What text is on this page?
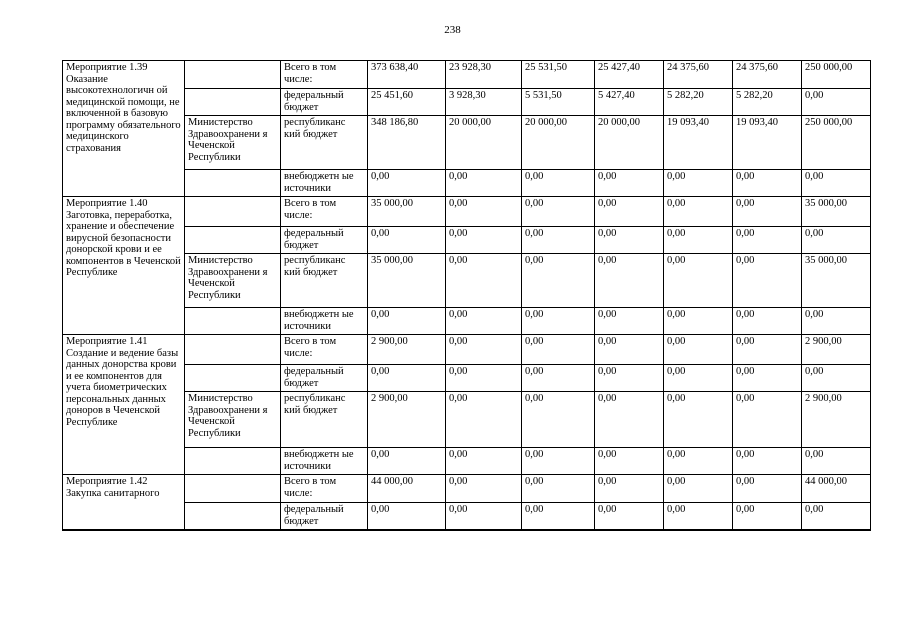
238
Мероприятие 1.39 Оказание высокотехнологичн ой медицинской помощи, не включенной в базовую программу обязательного медицинского страхования		Всего в том числе:	373 638,40	23 928,30	25 531,50	25 427,40	24 375,60	24 375,60	250 000,00
		федеральный бюджет	25 451,60	3 928,30	5 531,50	5 427,40	5 282,20	5 282,20	0,00
	Министерство Здравоохранени я Чеченской Республики	республиканс кий бюджет	348 186,80	20 000,00	20 000,00	20 000,00	19 093,40	19 093,40	250 000,00
		внебюджетн ые источники	0,00	0,00	0,00	0,00	0,00	0,00	0,00
Мероприятие 1.40 Заготовка, переработка, хранение и обеспечение вирусной безопасности донорской крови и ее компонентов в Чеченской Республике		Всего в том числе:	35 000,00	0,00	0,00	0,00	0,00	0,00	35 000,00
		федеральный бюджет	0,00	0,00	0,00	0,00	0,00	0,00	0,00
	Министерство Здравоохранени я Чеченской Республики	республиканс кий бюджет	35 000,00	0,00	0,00	0,00	0,00	0,00	35 000,00
		внебюджетн ые источники	0,00	0,00	0,00	0,00	0,00	0,00	0,00
Мероприятие 1.41 Создание и ведение базы данных донорства крови и ее компонентов для учета биометрических персональных данных доноров в Чеченской Республике		Всего в том числе:	2 900,00	0,00	0,00	0,00	0,00	0,00	2 900,00
		федеральный бюджет	0,00	0,00	0,00	0,00	0,00	0,00	0,00
	Министерство Здравоохранени я Чеченской Республики	республиканс кий бюджет	2 900,00	0,00	0,00	0,00	0,00	0,00	2 900,00
		внебюджетн ые источники	0,00	0,00	0,00	0,00	0,00	0,00	0,00
Мероприятие 1.42 Закупка санитарного		Всего в том числе:	44 000,00	0,00	0,00	0,00	0,00	0,00	44 000,00
		федеральный бюджет	0,00	0,00	0,00	0,00	0,00	0,00	0,00
